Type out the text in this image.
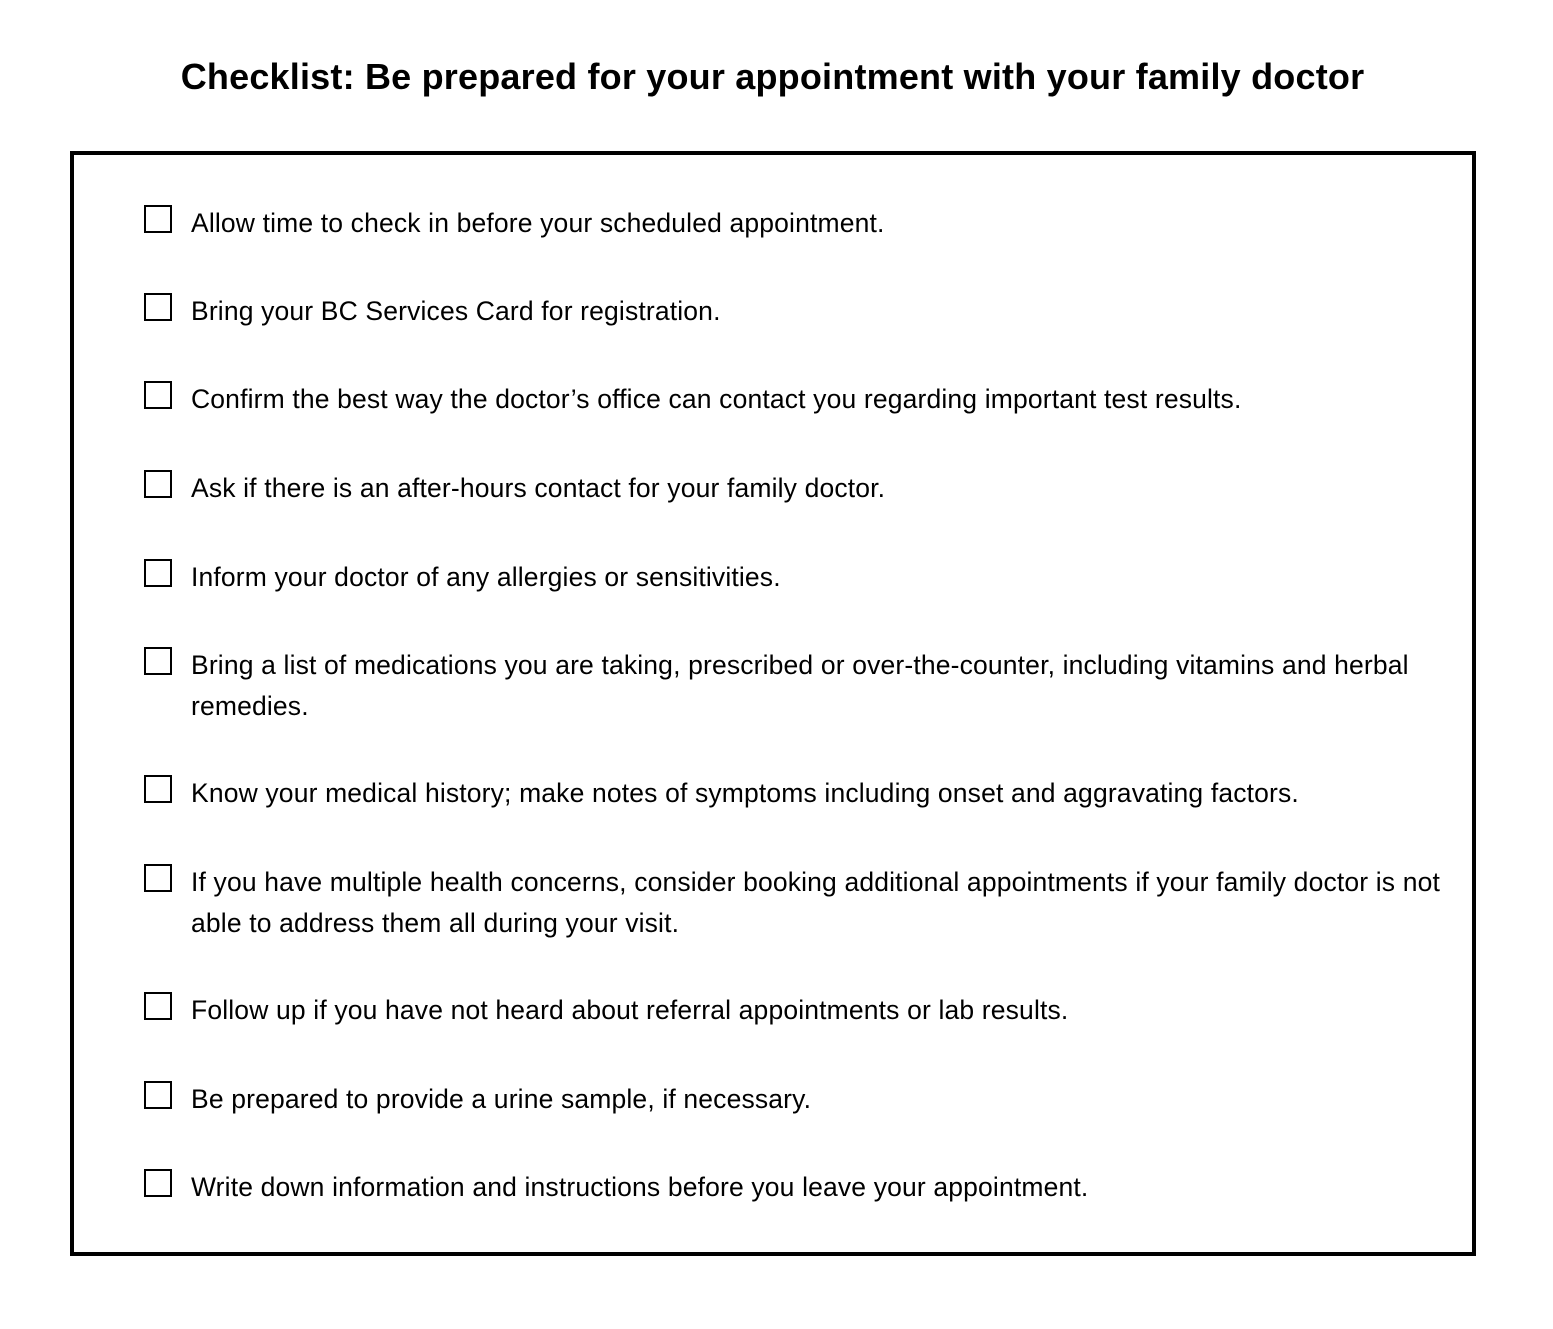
Checklist: Be prepared for your appointment with your family doctor
Allow time to check in before your scheduled appointment.
Bring your BC Services Card for registration.
Confirm the best way the doctor’s office can contact you regarding important test results.
Ask if there is an after-hours contact for your family doctor.
Inform your doctor of any allergies or sensitivities.
Bring a list of medications you are taking, prescribed or over-the-counter, including vitamins and herbal remedies.
Know your medical history; make notes of symptoms including onset and aggravating factors.
If you have multiple health concerns, consider booking additional appointments if your family doctor is not able to address them all during your visit.
Follow up if you have not heard about referral appointments or lab results.
Be prepared to provide a urine sample, if necessary.
Write down information and instructions before you leave your appointment.
